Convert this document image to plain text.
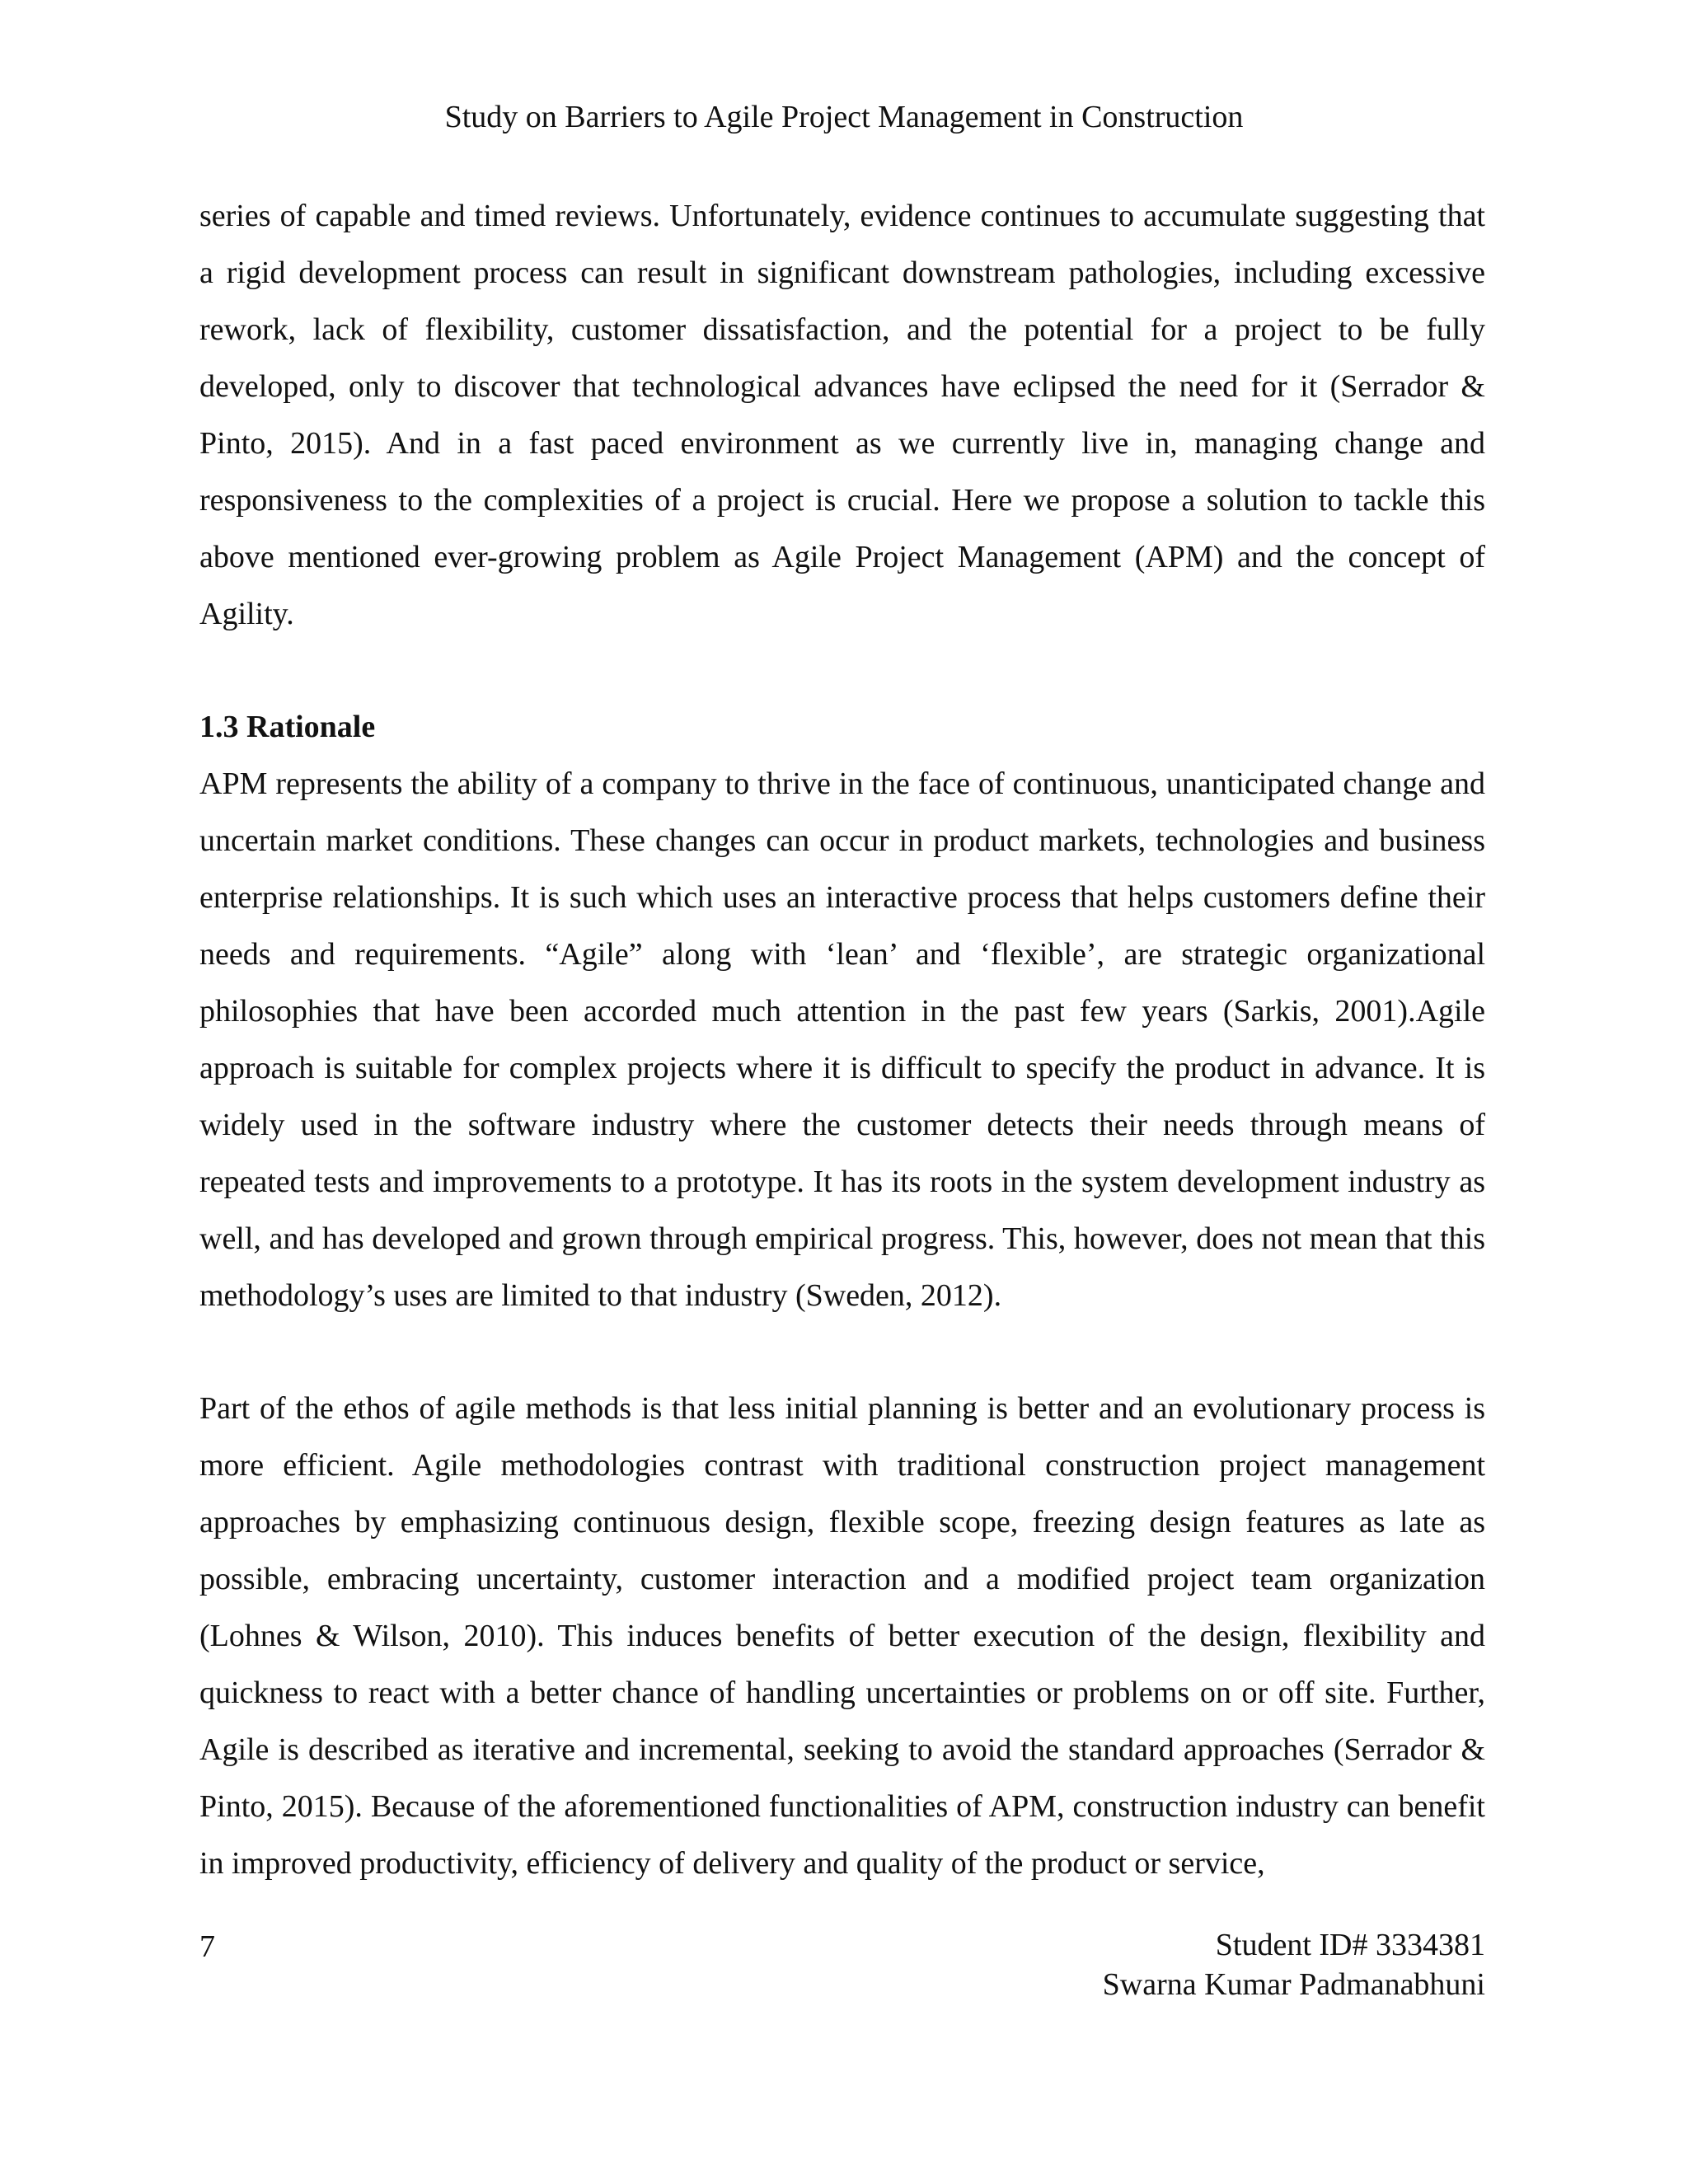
Study on Barriers to Agile Project Management in Construction

series of capable and timed reviews. Unfortunately, evidence continues to accumulate suggesting that a rigid development process can result in significant downstream pathologies, including excessive rework, lack of flexibility, customer dissatisfaction, and the potential for a project to be fully developed, only to discover that technological advances have eclipsed the need for it (Serrador & Pinto, 2015). And in a fast paced environment as we currently live in, managing change and responsiveness to the complexities of a project is crucial. Here we propose a solution to tackle this above mentioned ever-growing problem as Agile Project Management (APM) and the concept of Agility.

1.3 Rationale

APM represents the ability of a company to thrive in the face of continuous, unanticipated change and uncertain market conditions. These changes can occur in product markets, technologies and business enterprise relationships. It is such which uses an interactive process that helps customers define their needs and requirements. “Agile” along with ‘lean’ and ‘flexible’, are strategic organizational philosophies that have been accorded much attention in the past few years (Sarkis, 2001).Agile approach is suitable for complex projects where it is difficult to specify the product in advance. It is widely used in the software industry where the customer detects their needs through means of repeated tests and improvements to a prototype. It has its roots in the system development industry as well, and has developed and grown through empirical progress. This, however, does not mean that this methodology’s uses are limited to that industry (Sweden, 2012).

Part of the ethos of agile methods is that less initial planning is better and an evolutionary process is more efficient. Agile methodologies contrast with traditional construction project management approaches by emphasizing continuous design, flexible scope, freezing design features as late as possible, embracing uncertainty, customer interaction and a modified project team organization (Lohnes & Wilson, 2010). This induces benefits of better execution of the design, flexibility and quickness to react with a better chance of handling uncertainties or problems on or off site. Further, Agile is described as iterative and incremental, seeking to avoid the standard approaches (Serrador & Pinto, 2015). Because of the aforementioned functionalities of APM, construction industry can benefit in improved productivity, efficiency of delivery and quality of the product or service,

7	Student ID# 3334381
Swarna Kumar Padmanabhuni
